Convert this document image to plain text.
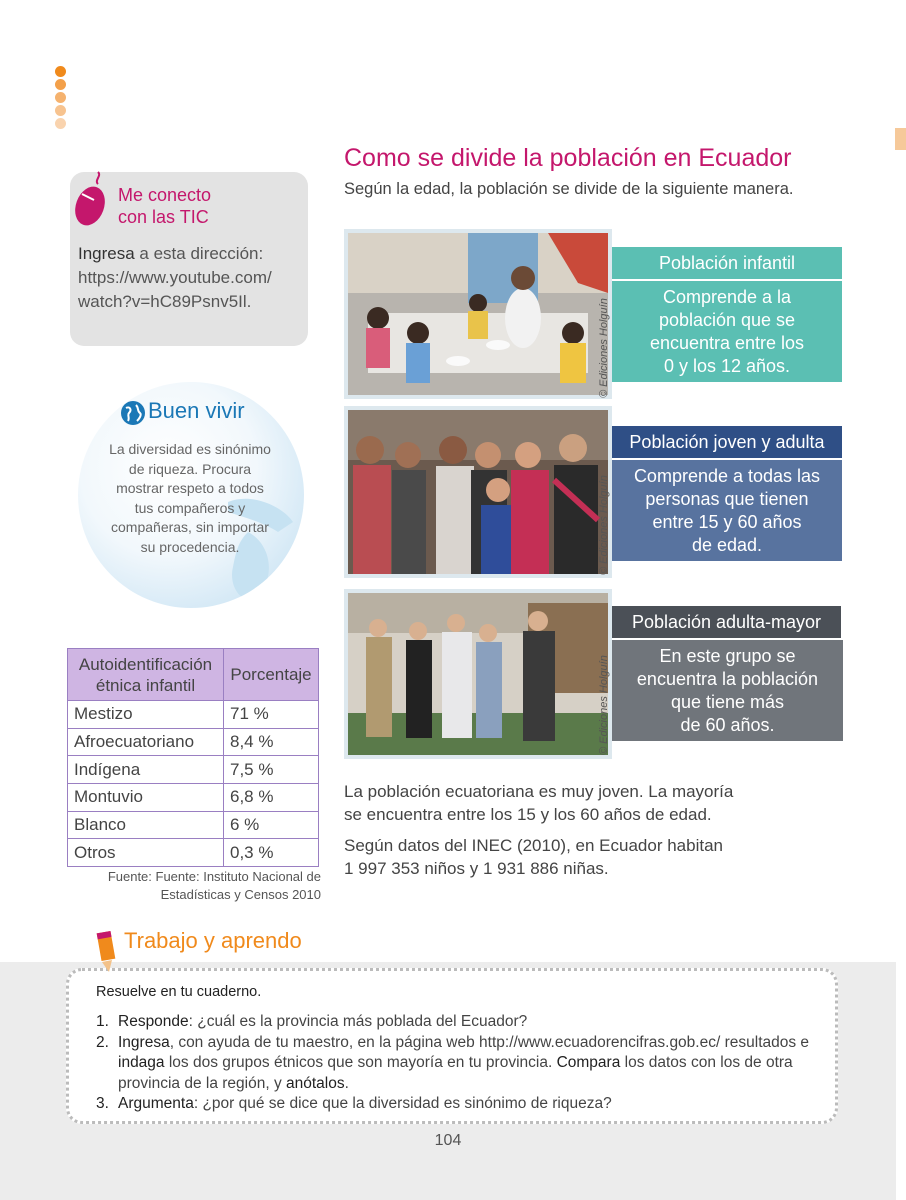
Me conecto
con las TIC
Ingresa a esta dirección:
https://www.youtube.com/
watch?v=hC89Psnv5Il.
Buen vivir
La diversidad es sinónimo
de riqueza. Procura
mostrar respeto a todos
tus compañeros y
compañeras, sin importar
su procedencia.
Autoidentificación
étnica infantil	Porcentaje
Mestizo	71 %
Afroecuatoriano	8,4 %
Indígena	7,5 %
Montuvio	6,8 %
Blanco	6 %
Otros	0,3 %
Fuente: Fuente: Instituto Nacional de
Estadísticas y Censos 2010
Como se divide la población en Ecuador
Según la edad, la población se divide de la siguiente manera.
© Ediciones Holguín
Población infantil
Comprende a la
población que se
encuentra entre los
0 y los 12 años.
© Ediciones Holguín
Población joven y adulta
Comprende a todas las
personas que tienen
entre 15 y 60 años
de edad.
© Ediciones Holguín
Población adulta-mayor
En este grupo se
encuentra la población
que tiene más
de 60 años.
La población ecuatoriana es muy joven. La mayoría
se encuentra entre los 15 y los 60 años de edad.
Según datos del INEC (2010), en Ecuador habitan
1 997 353 niños y 1 931 886 niñas.
Trabajo y aprendo
Resuelve en tu cuaderno.
1. Responde: ¿cuál es la provincia más poblada del Ecuador?
2. Ingresa, con ayuda de tu maestro, en la página web http://www.ecuadorencifras.gob.ec/ resultados e indaga los dos grupos étnicos que son mayoría en tu provincia. Compara los datos con los de otra provincia de la región, y anótalos.
3. Argumenta: ¿por qué se dice que la diversidad es sinónimo de riqueza?
104
